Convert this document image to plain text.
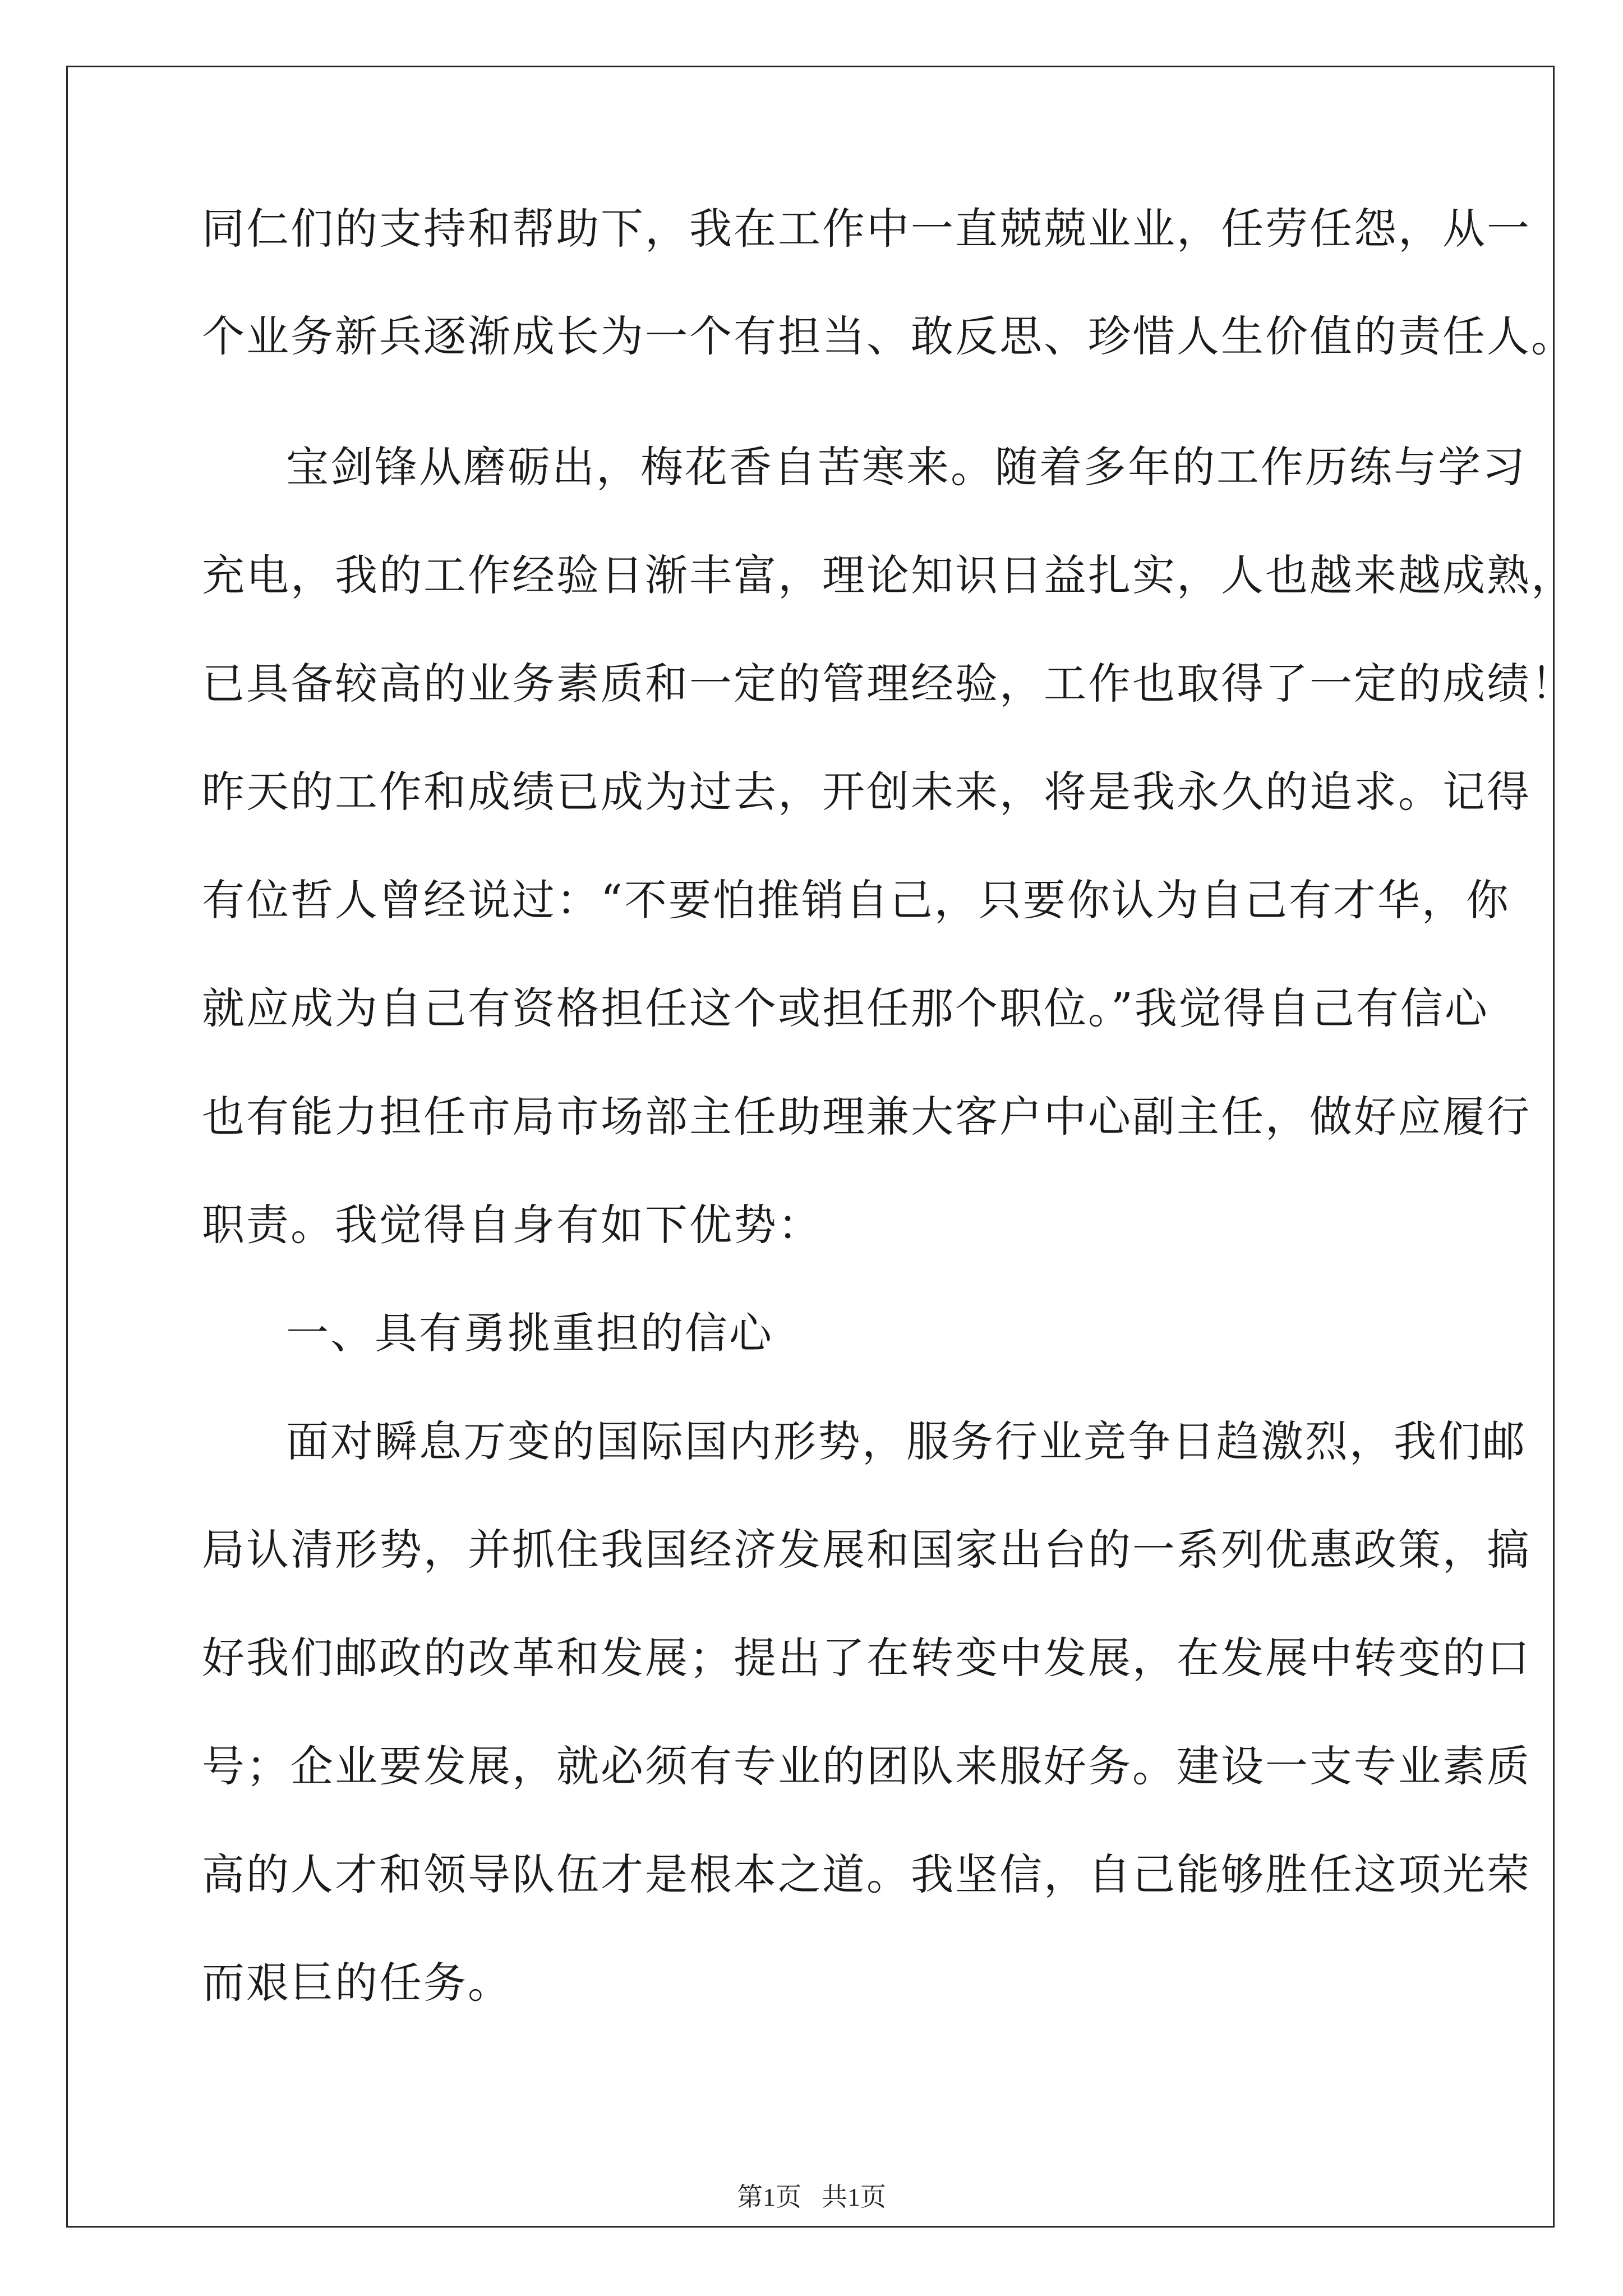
同仁们的支持和帮助下，我在工作中一直兢兢业业，任劳任怨，从一
个业务新兵逐渐成长为一个有担当、敢反思、珍惜人生价值的责任人。
宝剑锋从磨砺出，梅花香自苦寒来。随着多年的工作历练与学习
充电，我的工作经验日渐丰富，理论知识日益扎实，人也越来越成熟，
已具备较高的业务素质和一定的管理经验，工作也取得了一定的成绩！
昨天的工作和成绩已成为过去，开创未来，将是我永久的追求。记得
有位哲人曾经说过：“不要怕推销自己，只要你认为自己有才华，你
就应成为自己有资格担任这个或担任那个职位。”我觉得自己有信心
也有能力担任市局市场部主任助理兼大客户中心副主任，做好应履行
职责。我觉得自身有如下优势：
一、具有勇挑重担的信心
面对瞬息万变的国际国内形势，服务行业竞争日趋激烈，我们邮
局认清形势，并抓住我国经济发展和国家出台的一系列优惠政策，搞
好我们邮政的改革和发展；提出了在转变中发展，在发展中转变的口
号；企业要发展，就必须有专业的团队来服好务。建设一支专业素质
高的人才和领导队伍才是根本之道。我坚信，自己能够胜任这项光荣
而艰巨的任务。
第1页 共1页
